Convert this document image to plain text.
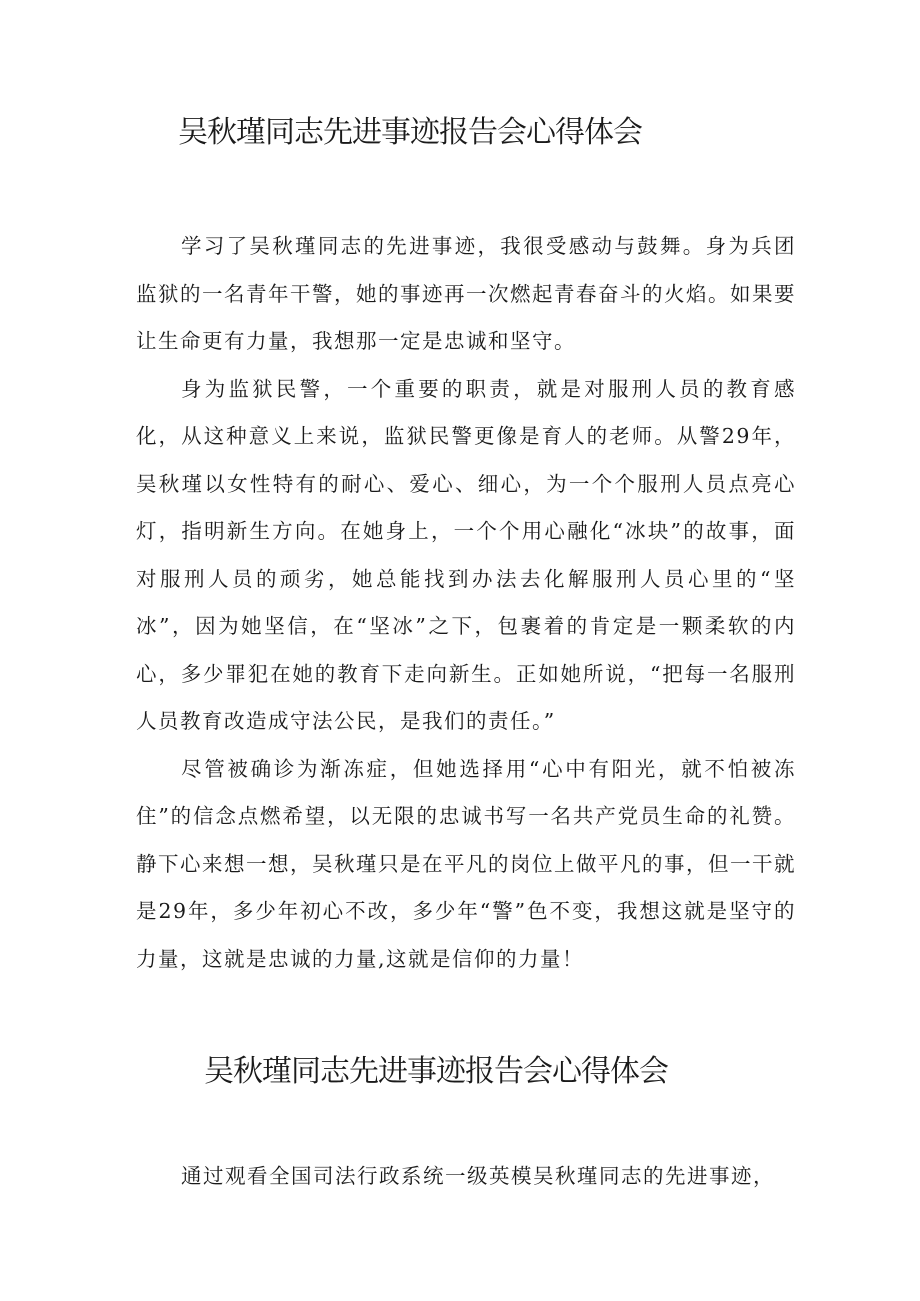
吴秋瑾同志先进事迹报告会心得体会

学习了吴秋瑾同志的先进事迹，我很受感动与鼓舞。身为兵团监狱的一名青年干警，她的事迹再一次燃起青春奋斗的火焰。如果要让生命更有力量，我想那一定是忠诚和坚守。

身为监狱民警，一个重要的职责，就是对服刑人员的教育感化，从这种意义上来说，监狱民警更像是育人的老师。从警29年，吴秋瑾以女性特有的耐心、爱心、细心，为一个个服刑人员点亮心灯，指明新生方向。在她身上，一个个用心融化“冰块”的故事，面对服刑人员的顽劣，她总能找到办法去化解服刑人员心里的“坚冰”，因为她坚信，在“坚冰”之下，包裹着的肯定是一颗柔软的内心，多少罪犯在她的教育下走向新生。正如她所说，“把每一名服刑人员教育改造成守法公民，是我们的责任。”

尽管被确诊为渐冻症，但她选择用“心中有阳光，就不怕被冻住”的信念点燃希望，以无限的忠诚书写一名共产党员生命的礼赞。静下心来想一想，吴秋瑾只是在平凡的岗位上做平凡的事，但一干就是29年，多少年初心不改，多少年“警”色不变，我想这就是坚守的力量，这就是忠诚的力量,这就是信仰的力量！

吴秋瑾同志先进事迹报告会心得体会

通过观看全国司法行政系统一级英模吴秋瑾同志的先进事迹，
